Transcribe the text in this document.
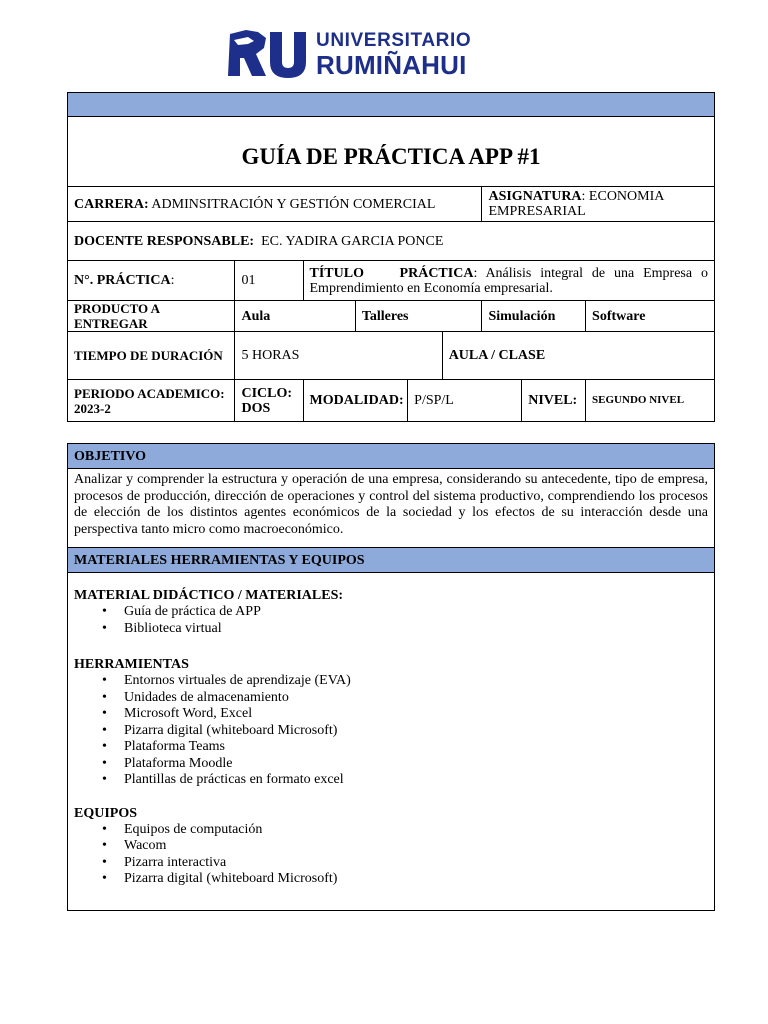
UNIVERSITARIO
RUMIÑAHUI

GUÍA DE PRÁCTICA APP #1								
CARRERA: ADMINSITRACIÓN Y GESTIÓN COMERCIAL						ASIGNATURA: ECONOMIA EMPRESARIAL		
DOCENTE RESPONSABLE:  EC. YADIRA GARCIA PONCE								
N°. PRÁCTICA:	01	TÍTULO    PRÁCTICA: Análisis integral de una Empresa o Emprendimiento en Economía empresarial.						
PRODUCTO A ENTREGAR	Aula		Talleres			Simulación		Software
TIEMPO DE DURACIÓN	5 HORAS				AULA / CLASE			
PERIODO ACADEMICO: 2023-2	CICLO: DOS	MODALIDAD:		P/SP/L			NIVEL:	SEGUNDO NIVEL
OBJETIVO
Analizar y comprender la estructura y operación de una empresa, considerando su antecedente, tipo de empresa, procesos de producción, dirección de operaciones y control del sistema productivo, comprendiendo los procesos de elección de los distintos agentes económicos de la sociedad y los efectos de su interacción desde una perspectiva tanto micro como macroeconómico.
MATERIALES HERRAMIENTAS Y EQUIPOS

MATERIAL DIDÁCTICO / MATERIALES:
• Guía de práctica de APP
• Biblioteca virtual
HERRAMIENTAS
• Entornos virtuales de aprendizaje (EVA)
• Unidades de almacenamiento
• Microsoft Word, Excel
• Pizarra digital (whiteboard Microsoft)
• Plataforma Teams
• Plataforma Moodle
• Plantillas de prácticas en formato excel
EQUIPOS
• Equipos de computación
• Wacom
• Pizarra interactiva
• Pizarra digital (whiteboard Microsoft)
